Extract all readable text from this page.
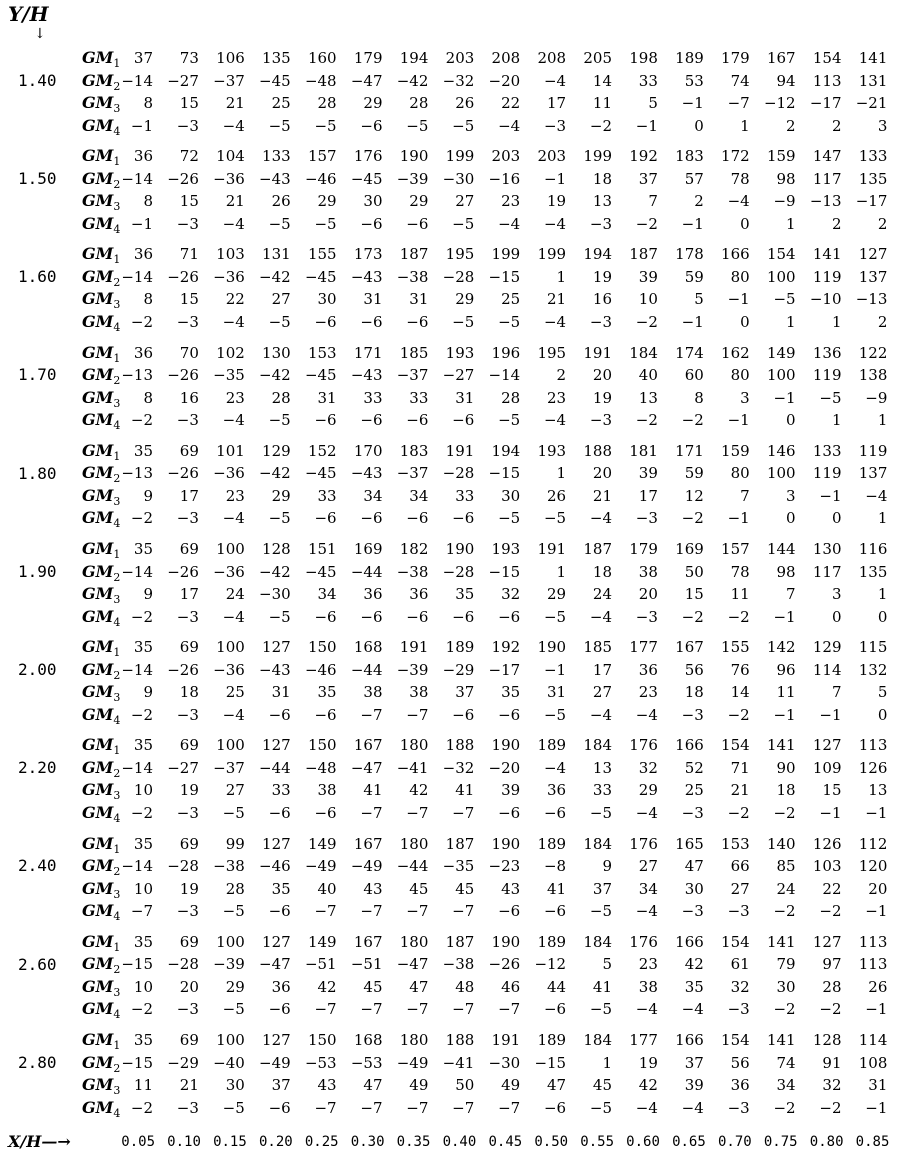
Y/H
↓
1.40
$GM_1$ 37	73	106	135	160	179	194	203	208	208	205	198	189	179	167	154	141
$GM_2 -14 -27 -37 -45 -48 -47 -42 -32 -20$	−4	14	33	53	74	94	113	131
$GM_3$	8	15	21	25	28	29	28	26	22	17	11	5	−1	−7 −12 −17 −21
$GM_4 -1$	−3	−4	−5	−5	−6	−5	−5	−4	−3	−2	−1	0	1	2	2	3
1.50
$GM_1$ 36	72	104	133	157	176	190	199	203	203	199	192	183	172	159	147	133
$GM_2 -14 -26 -36 -43 -46 -45 -39 -30 -16$	−1	18	37	57	78	98	117	135
$GM_3$	8	15	21	26	29	30	29	27	23	19	13	7	2	−4	−9 −13 −17
$GM_4 -1$	−3	−4	−5	−5	−6	−6	−5	−4	−4	−3	−2	−1	0	1	2	2
1.60
$GM_1$ 36	71	103	131	155	173	187	195	199	199	194	187	178	166	154	141	127
$GM_2 -14 -26 -36 -42 -45 -43 -38 -28 -15$	1	19	39	59	80	100	119	137
$GM_3$	8	15	22	27	30	31	31	29	25	21	16	10	5	−1	−5 −10 −13
$GM_4 -2$	−3	−4	−5	−6	−6	−6	−5	−5	−4	−3	−2	−1	0	1	1	2
1.70
$GM_1$ 36	70	102	130	153	171	185	193	196	195	191	184	174	162	149	136	122
$GM_2 -13 -26 -35 -42 -45 -43 -37 -27 -14$	2	20	40	60	80	100	119	138
$GM_3$	8	16	23	28	31	33	33	31	28	23	19	13	8	3	−1	−5	−9
$GM_4 -2$	−3	−4	−5	−6	−6	−6	−6	−5	−4	−3	−2	−2	−1	0	1	1
1.80
$GM_1$ 35	69	101	129	152	170	183	191	194	193	188	181	171	159	146	133	119
$GM_2 -13 -26 -36 -42 -45 -43 -37 -28 -15$	1	20	39	59	80	100	119	137
$GM_3$	9	17	23	29	33	34	34	33	30	26	21	17	12	7	3	−1	−4
$GM_4 -2$	−3	−4	−5	−6	−6	−6	−6	−5	−5	−4	−3	−2	−1	0	0	1
1.90
$GM_1$ 35	69	100	128	151	169	182	190	193	191	187	179	169	157	144	130	116
$GM_2 -14 -26 -36 -42 -45 -44 -38 -28 -15$	1	18	38	50	78	98	117	135
$GM_3$	9	17	24 −30	34	36	36	35	32	29	24	20	15	11	7	3	1
$GM_4 -2$	−3	−4	−5	−6	−6	−6	−6	−6	−5	−4	−3	−2	−2	−1	0	0
2.00
$GM_1$ 35	69	100	127	150	168	191	189	192	190	185	177	167	155	142	129	115
$GM_2 -14 -26 -36 -43 -46 -44 -39 -29 -17$	−1	17	36	56	76	96	114	132
$GM_3$	9	18	25	31	35	38	38	37	35	31	27	23	18	14	11	7	5
$GM_4 -2$	−3	−4	−6	−6	−7	−7	−6	−6	−5	−4	−4	−3	−2	−1	−1	0
2.20
$GM_1$ 35	69	100	127	150	167	180	188	190	189	184	176	166	154	141	127	113
$GM_2 -14 -27 -37 -44 -48 -47 -41 -32 -20$	−4	13	32	52	71	90	109	126
$GM_3$ 10	19	27	33	38	41	42	41	39	36	33	29	25	21	18	15	13
$GM_4 -2$	−3	−5	−6	−6	−7	−7	−7	−6	−6	−5	−4	−3	−2	−2	−1	−1
2.40
$GM_1$ 35	69	99	127	149	167	180	187	190	189	184	176	165	153	140	126	112
$GM_2 -14 -28 -38 -46 -49 -49 -44 -35 -23$	−8	9	27	47	66	85	103	120
$GM_3$ 10	19	28	35	40	43	45	45	43	41	37	34	30	27	24	22	20
$GM_4 -7$	−3	−5	−6	−7	−7	−7	−7	−6	−6	−5	−4	−3	−3	−2	−2	−1
2.60
$GM_1$ 35	69	100	127	149	167	180	187	190	189	184	176	166	154	141	127	113
$GM_2 -15 -28 -39 -47 -51 -51 -47 -38 -26 -12$	5	23	42	61	79	97	113
$GM_3$ 10	20	29	36	42	45	47	48	46	44	41	38	35	32	30	28	26
$GM_4 -2$	−3	−5	−6	−7	−7	−7	−7	−7	−6	−5	−4	−4	−3	−2	−2	−1
2.80
$GM_1$ 35	69	100	127	150	168	180	188	191	189	184	177	166	154	141	128	114
$GM_2 -15 -29 -40 -49 -53 -53 -49 -41 -30 -15$	1	19	37	56	74	91	108
$GM_3$ 11	21	30	37	43	47	49	50	49	47	45	42	39	36	34	32	31
$GM_4 -2$	−3	−5	−6	−7	−7	−7	−7	−7	−6	−5	−4	−4	−3	−2	−2	−1
X/H—→	0.05 0.10 0.15 0.20 0.25 0.30 0.35 0.40 0.45 0.50 0.55 0.60 0.65 0.70 0.75 0.80 0.85
